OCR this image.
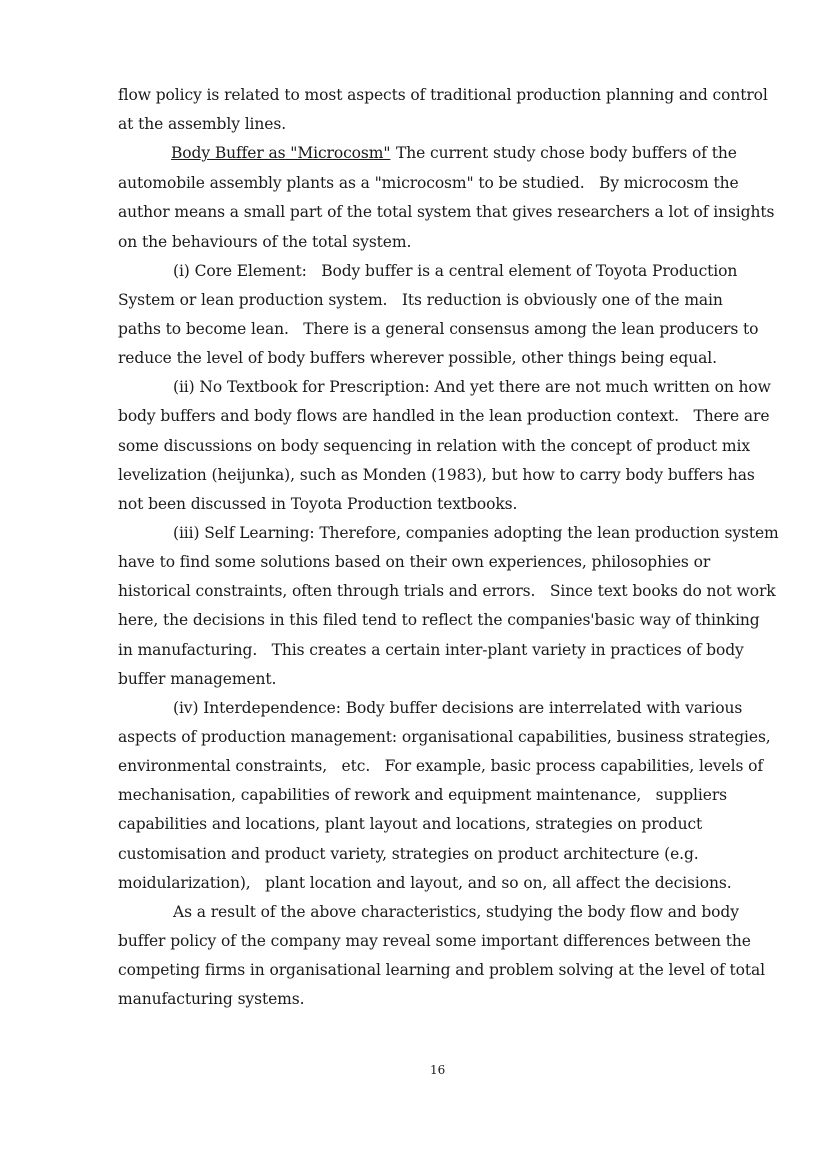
flow policy is related to most aspects of traditional production planning and control
at the assembly lines.
Body Buffer as "Microcosm" The current study chose body buffers of the
automobile assembly plants as a "microcosm" to be studied.   By microcosm the
author means a small part of the total system that gives researchers a lot of insights
on the behaviours of the total system.
(i) Core Element:   Body buffer is a central element of Toyota Production
System or lean production system.   Its reduction is obviously one of the main
paths to become lean.   There is a general consensus among the lean producers to
reduce the level of body buffers wherever possible, other things being equal.
(ii) No Textbook for Prescription: And yet there are not much written on how
body buffers and body flows are handled in the lean production context.   There are
some discussions on body sequencing in relation with the concept of product mix
levelization (heijunka), such as Monden (1983), but how to carry body buffers has
not been discussed in Toyota Production textbooks.
(iii) Self Learning: Therefore, companies adopting the lean production system
have to find some solutions based on their own experiences, philosophies or
historical constraints, often through trials and errors.   Since text books do not work
here, the decisions in this filed tend to reflect the companies'basic way of thinking
in manufacturing.   This creates a certain inter-plant variety in practices of body
buffer management.
(iv) Interdependence: Body buffer decisions are interrelated with various
aspects of production management: organisational capabilities, business strategies,
environmental constraints,   etc.   For example, basic process capabilities, levels of
mechanisation, capabilities of rework and equipment maintenance,   suppliers
capabilities and locations, plant layout and locations, strategies on product
customisation and product variety, strategies on product architecture (e.g.
moidularization),   plant location and layout, and so on, all affect the decisions.
As a result of the above characteristics, studying the body flow and body
buffer policy of the company may reveal some important differences between the
competing firms in organisational learning and problem solving at the level of total
manufacturing systems.
16
